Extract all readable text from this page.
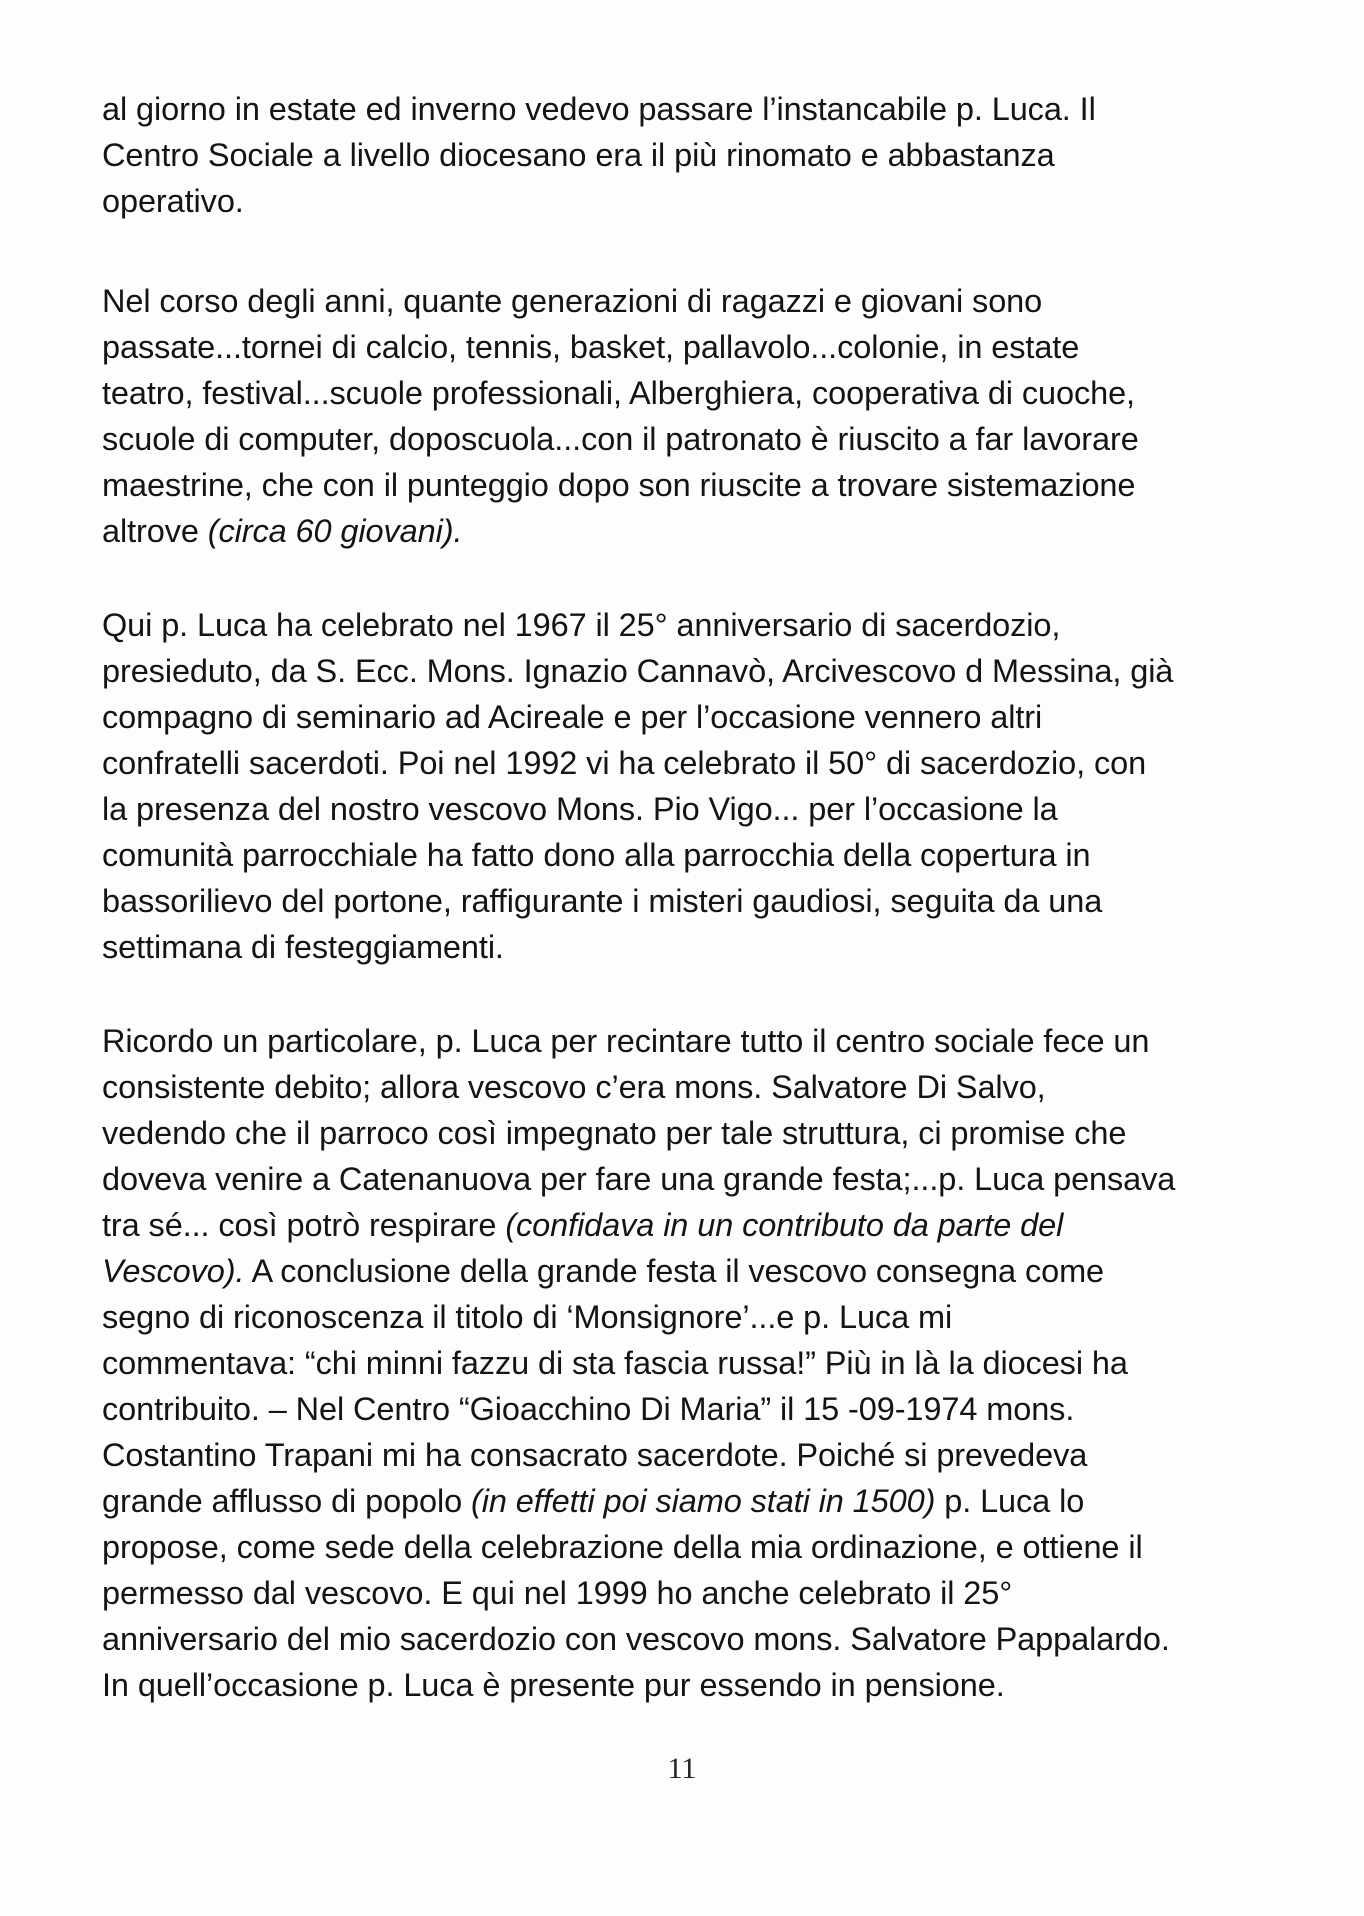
al giorno in estate ed inverno vedevo passare l’instancabile p. Luca. Il
Centro Sociale a livello diocesano era il più rinomato e abbastanza
operativo.

Nel corso degli anni, quante generazioni di ragazzi e giovani sono
passate...tornei di calcio, tennis, basket, pallavolo...colonie, in estate
teatro, festival...scuole professionali, Alberghiera, cooperativa di cuoche,
scuole di computer, doposcuola...con il patronato è riuscito a far lavorare
maestrine, che con il punteggio dopo son riuscite a trovare sistemazione
altrove (circa 60 giovani).

Qui p. Luca ha celebrato nel 1967 il 25° anniversario di sacerdozio,
presieduto, da S. Ecc. Mons. Ignazio Cannavò, Arcivescovo d Messina, già
compagno di seminario ad Acireale e per l’occasione vennero altri
confratelli sacerdoti. Poi nel 1992 vi ha celebrato il 50° di sacerdozio, con
la presenza del nostro vescovo Mons. Pio Vigo... per l’occasione la
comunità parrocchiale ha fatto dono alla parrocchia della copertura in
bassorilievo del portone, raffigurante i misteri gaudiosi, seguita da una
settimana di festeggiamenti.

Ricordo un particolare, p. Luca per recintare tutto il centro sociale fece un
consistente debito; allora vescovo c’era mons. Salvatore Di Salvo,
vedendo che il parroco così impegnato per tale struttura, ci promise che
doveva venire a Catenanuova per fare una grande festa;...p. Luca pensava
tra sé... così potrò respirare (confidava in un contributo da parte del
Vescovo). A conclusione della grande festa il vescovo consegna come
segno di riconoscenza il titolo di ‘Monsignore’...e p. Luca mi
commentava: “chi minni fazzu di sta fascia russa!” Più in là la diocesi ha
contribuito. – Nel Centro “Gioacchino Di Maria” il 15 -09-1974 mons.
Costantino Trapani mi ha consacrato sacerdote. Poiché si prevedeva
grande afflusso di popolo (in effetti poi siamo stati in 1500) p. Luca lo
propose, come sede della celebrazione della mia ordinazione, e ottiene il
permesso dal vescovo. E qui nel 1999 ho anche celebrato il 25°
anniversario del mio sacerdozio con vescovo mons. Salvatore Pappalardo.
In quell’occasione p. Luca è presente pur essendo in pensione.

11
